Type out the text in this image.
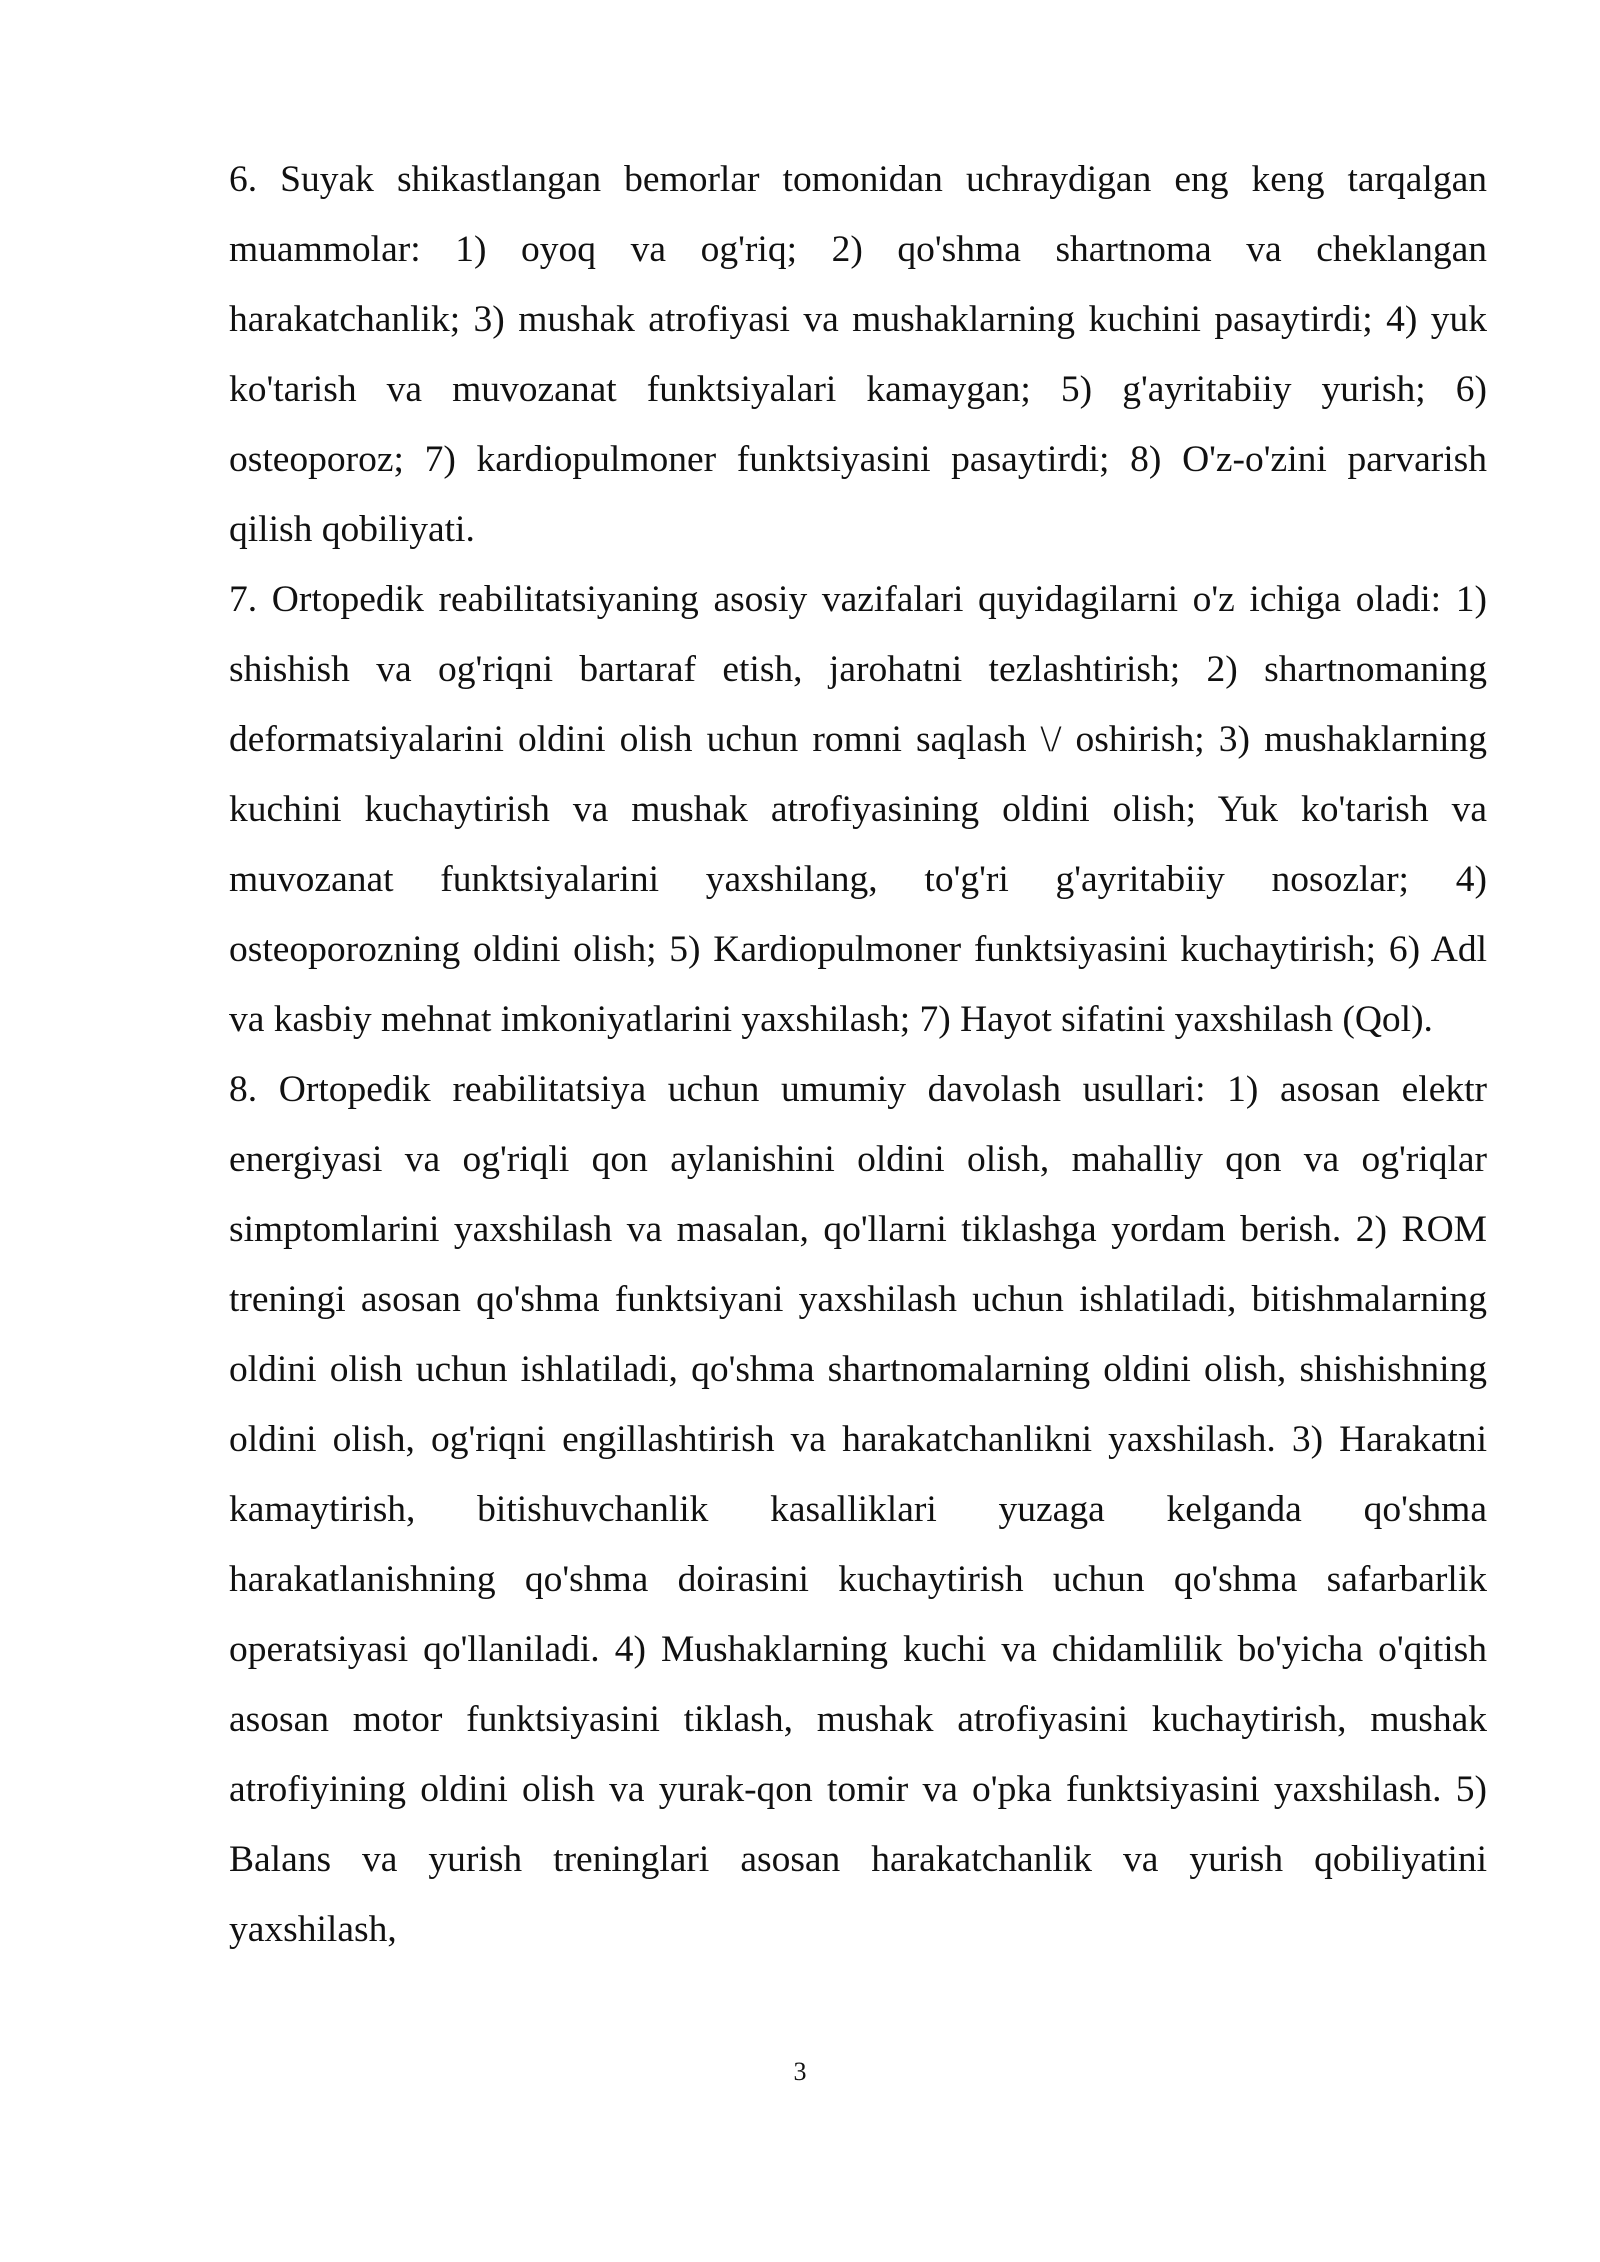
6. Suyak shikastlangan bemorlar tomonidan uchraydigan eng keng tarqalgan muammolar: 1) oyoq va og'riq; 2) qo'shma shartnoma va cheklangan harakatchanlik; 3) mushak atrofiyasi va mushaklarning kuchini pasaytirdi; 4) yuk ko'tarish va muvozanat funktsiyalari kamaygan; 5) g'ayritabiiy yurish; 6) osteoporoz; 7) kardiopulmoner funktsiyasini pasaytirdi; 8) O'z-o'zini parvarish qilish qobiliyati.

7. Ortopedik reabilitatsiyaning asosiy vazifalari quyidagilarni o'z ichiga oladi: 1) shishish va og'riqni bartaraf etish, jarohatni tezlashtirish; 2) shartnomaning deformatsiyalarini oldini olish uchun romni saqlash \/ oshirish; 3) mushaklarning kuchini kuchaytirish va mushak atrofiyasining oldini olish; Yuk ko'tarish va muvozanat funktsiyalarini yaxshilang, to'g'ri g'ayritabiiy nosozlar; 4) osteoporozning oldini olish; 5) Kardiopulmoner funktsiyasini kuchaytirish; 6) Adl va kasbiy mehnat imkoniyatlarini yaxshilash; 7) Hayot sifatini yaxshilash (Qol).

8. Ortopedik reabilitatsiya uchun umumiy davolash usullari: 1) asosan elektr energiyasi va og'riqli qon aylanishini oldini olish, mahalliy qon va og'riqlar simptomlarini yaxshilash va masalan, qo'llarni tiklashga yordam berish. 2) ROM treningi asosan qo'shma funktsiyani yaxshilash uchun ishlatiladi, bitishmalarning oldini olish uchun ishlatiladi, qo'shma shartnomalarning oldini olish, shishishning oldini olish, og'riqni engillashtirish va harakatchanlikni yaxshilash. 3) Harakatni kamaytirish, bitishuvchanlik kasalliklari yuzaga kelganda qo'shma harakatlanishning qo'shma doirasini kuchaytirish uchun qo'shma safarbarlik operatsiyasi qo'llaniladi. 4) Mushaklarning kuchi va chidamlilik bo'yicha o'qitish asosan motor funktsiyasini tiklash, mushak atrofiyasini kuchaytirish, mushak atrofiyining oldini olish va yurak-qon tomir va o'pka funktsiyasini yaxshilash. 5) Balans va yurish treninglari asosan harakatchanlik va yurish qobiliyatini yaxshilash,

3
